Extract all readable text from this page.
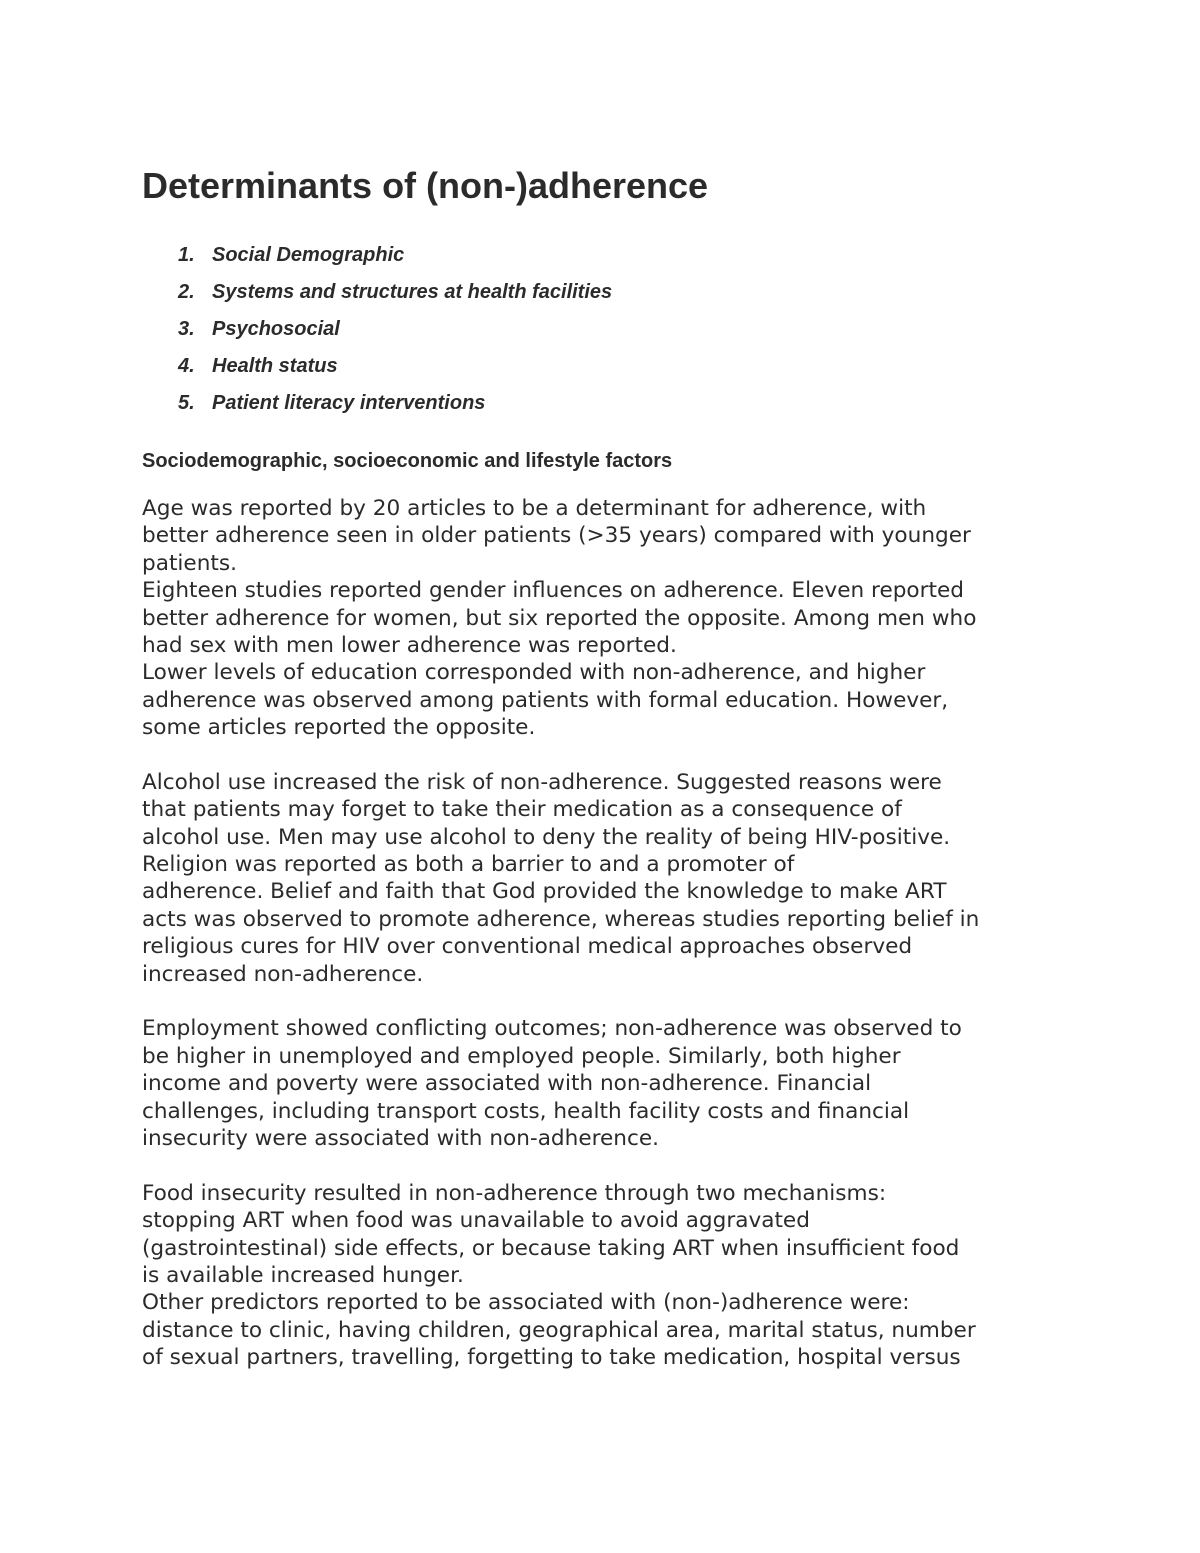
Determinants of (non-)adherence
1. Social Demographic
2. Systems and structures at health facilities
3. Psychosocial
4. Health status
5. Patient literacy interventions
Sociodemographic, socioeconomic and lifestyle factors
Age was reported by 20 articles to be a determinant for adherence, with
better adherence seen in older patients (>35 years) compared with younger
patients.
Eighteen studies reported gender influences on adherence. Eleven reported
better adherence for women, but six reported the opposite. Among men who
had sex with men lower adherence was reported.
Lower levels of education corresponded with non-adherence, and higher
adherence was observed among patients with formal education. However,
some articles reported the opposite.
Alcohol use increased the risk of non-adherence. Suggested reasons were
that patients may forget to take their medication as a consequence of
alcohol use. Men may use alcohol to deny the reality of being HIV-positive.
Religion was reported as both a barrier to and a promoter of
adherence. Belief and faith that God provided the knowledge to make ART
acts was observed to promote adherence, whereas studies reporting belief in
religious cures for HIV over conventional medical approaches observed
increased non-adherence.
Employment showed conflicting outcomes; non-adherence was observed to
be higher in unemployed and employed people. Similarly, both higher
income and poverty were associated with non-adherence. Financial
challenges, including transport costs, health facility costs and financial
insecurity were associated with non-adherence.
Food insecurity resulted in non-adherence through two mechanisms:
stopping ART when food was unavailable to avoid aggravated
(gastrointestinal) side effects, or because taking ART when insufficient food
is available increased hunger.
Other predictors reported to be associated with (non-)adherence were:
distance to clinic, having children, geographical area, marital status, number
of sexual partners, travelling, forgetting to take medication, hospital versus
